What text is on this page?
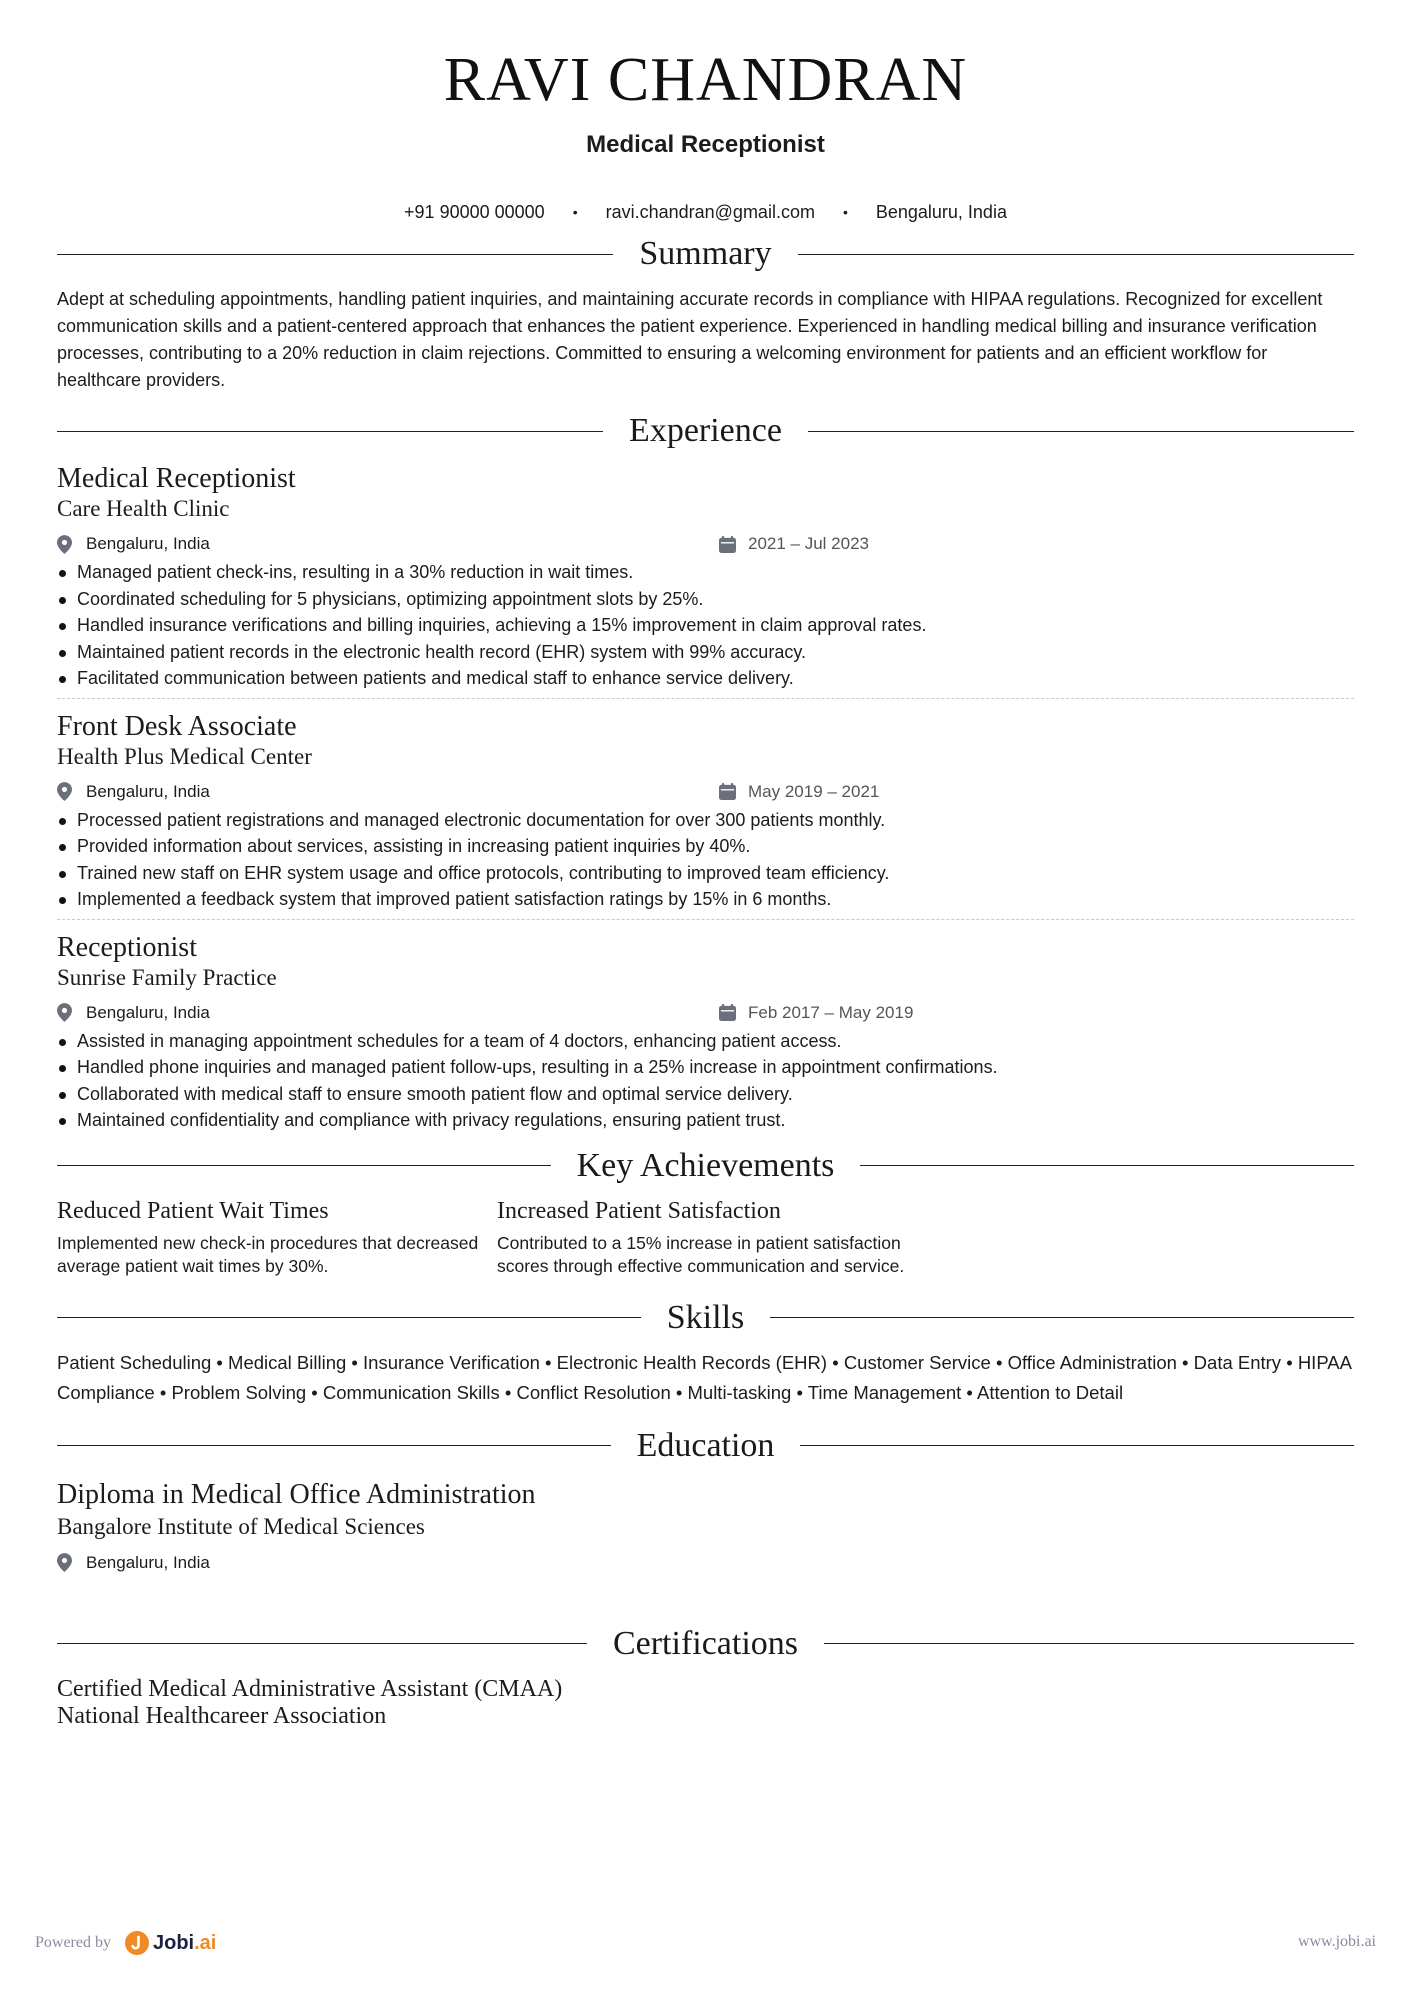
RAVI CHANDRAN
Medical Receptionist
+91 90000 00000 • ravi.chandran@gmail.com • Bengaluru, India
Summary

Adept at scheduling appointments, handling patient inquiries, and maintaining accurate records in compliance with HIPAA regulations. Recognized for excellent communication skills and a patient-centered approach that enhances the patient experience. Experienced in handling medical billing and insurance verification processes, contributing to a 20% reduction in claim rejections. Committed to ensuring a welcoming environment for patients and an efficient workflow for healthcare providers.

Experience
Medical Receptionist
Care Health Clinic
Bengaluru, India	2021 – Jul 2023
Managed patient check-ins, resulting in a 30% reduction in wait times.
Coordinated scheduling for 5 physicians, optimizing appointment slots by 25%.
Handled insurance verifications and billing inquiries, achieving a 15% improvement in claim approval rates.
Maintained patient records in the electronic health record (EHR) system with 99% accuracy.
Facilitated communication between patients and medical staff to enhance service delivery.
Front Desk Associate
Health Plus Medical Center
Bengaluru, India	May 2019 – 2021
Processed patient registrations and managed electronic documentation for over 300 patients monthly.
Provided information about services, assisting in increasing patient inquiries by 40%.
Trained new staff on EHR system usage and office protocols, contributing to improved team efficiency.
Implemented a feedback system that improved patient satisfaction ratings by 15% in 6 months.
Receptionist
Sunrise Family Practice
Bengaluru, India	Feb 2017 – May 2019
Assisted in managing appointment schedules for a team of 4 doctors, enhancing patient access.
Handled phone inquiries and managed patient follow-ups, resulting in a 25% increase in appointment confirmations.
Collaborated with medical staff to ensure smooth patient flow and optimal service delivery.
Maintained confidentiality and compliance with privacy regulations, ensuring patient trust.
Key Achievements
Reduced Patient Wait Times
Implemented new check-in procedures that decreased average patient wait times by 30%.
Increased Patient Satisfaction
Contributed to a 15% increase in patient satisfaction scores through effective communication and service.
Skills
Patient Scheduling • Medical Billing • Insurance Verification • Electronic Health Records (EHR) • Customer Service • Office Administration • Data Entry • HIPAA Compliance • Problem Solving • Communication Skills • Conflict Resolution • Multi-tasking • Time Management • Attention to Detail
Education
Diploma in Medical Office Administration
Bangalore Institute of Medical Sciences
Bengaluru, India
Certifications
Certified Medical Administrative Assistant (CMAA)
National Healthcareer Association
Powered by Jobi.ai	www.jobi.ai
